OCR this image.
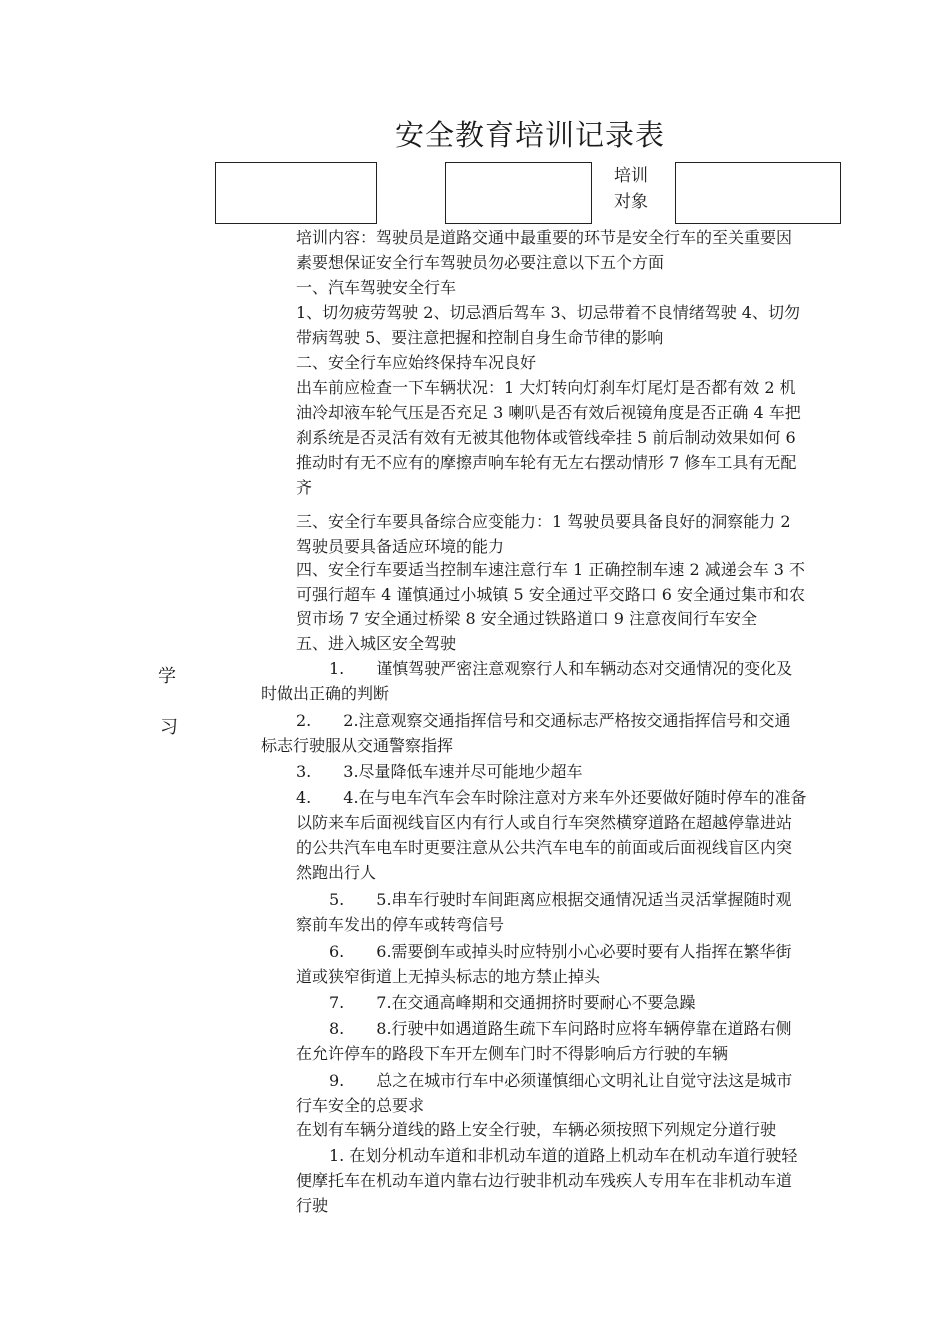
安全教育培训记录表
培训
对象
学
习
培训内容：驾驶员是道路交通中最重要的环节是安全行车的至关重要因
素要想保证安全行车驾驶员勿必要注意以下五个方面
一、汽车驾驶安全行车
1、切勿疲劳驾驶 2、切忌酒后驾车 3、切忌带着不良情绪驾驶 4、切勿
带病驾驶 5、要注意把握和控制自身生命节律的影响
二、安全行车应始终保持车况良好
出车前应检查一下车辆状况：1 大灯转向灯刹车灯尾灯是否都有效 2 机
油冷却液车轮气压是否充足 3 喇叭是否有效后视镜角度是否正确 4 车把
刹系统是否灵活有效有无被其他物体或管线牵挂 5 前后制动效果如何 6
推动时有无不应有的摩擦声响车轮有无左右摆动情形 7 修车工具有无配
齐
三、安全行车要具备综合应变能力：1 驾驶员要具备良好的洞察能力 2
驾驶员要具备适应环境的能力
四、安全行车要适当控制车速注意行车 1 正确控制车速 2 减递会车 3 不
可强行超车 4 谨慎通过小城镇 5 安全通过平交路口 6 安全通过集市和农
贸市场 7 安全通过桥梁 8 安全通过铁路道口 9 注意夜间行车安全
五、进入城区安全驾驶
1.　　谨慎驾驶严密注意观察行人和车辆动态对交通情况的变化及
时做出正确的判断
2.　　2.注意观察交通指挥信号和交通标志严格按交通指挥信号和交通
标志行驶服从交通警察指挥
3.　　3.尽量降低车速并尽可能地少超车
4.　　4.在与电车汽车会车时除注意对方来车外还要做好随时停车的准备
以防来车后面视线盲区内有行人或自行车突然横穿道路在超越停靠进站
的公共汽车电车时更要注意从公共汽车电车的前面或后面视线盲区内突
然跑出行人
5.　　5.串车行驶时车间距离应根据交通情况适当灵活掌握随时观
察前车发出的停车或转弯信号
6.　　6.需要倒车或掉头时应特别小心必要时要有人指挥在繁华街
道或狭窄街道上无掉头标志的地方禁止掉头
7.　　7.在交通高峰期和交通拥挤时要耐心不要急躁
8.　　8.行驶中如遇道路生疏下车问路时应将车辆停靠在道路右侧
在允许停车的路段下车开左侧车门时不得影响后方行驶的车辆
9.　　总之在城市行车中必须谨慎细心文明礼让自觉守法这是城市
行车安全的总要求
在划有车辆分道线的路上安全行驶，车辆必须按照下列规定分道行驶
1. 在划分机动车道和非机动车道的道路上机动车在机动车道行驶轻
便摩托车在机动车道内靠右边行驶非机动车残疾人专用车在非机动车道
行驶
